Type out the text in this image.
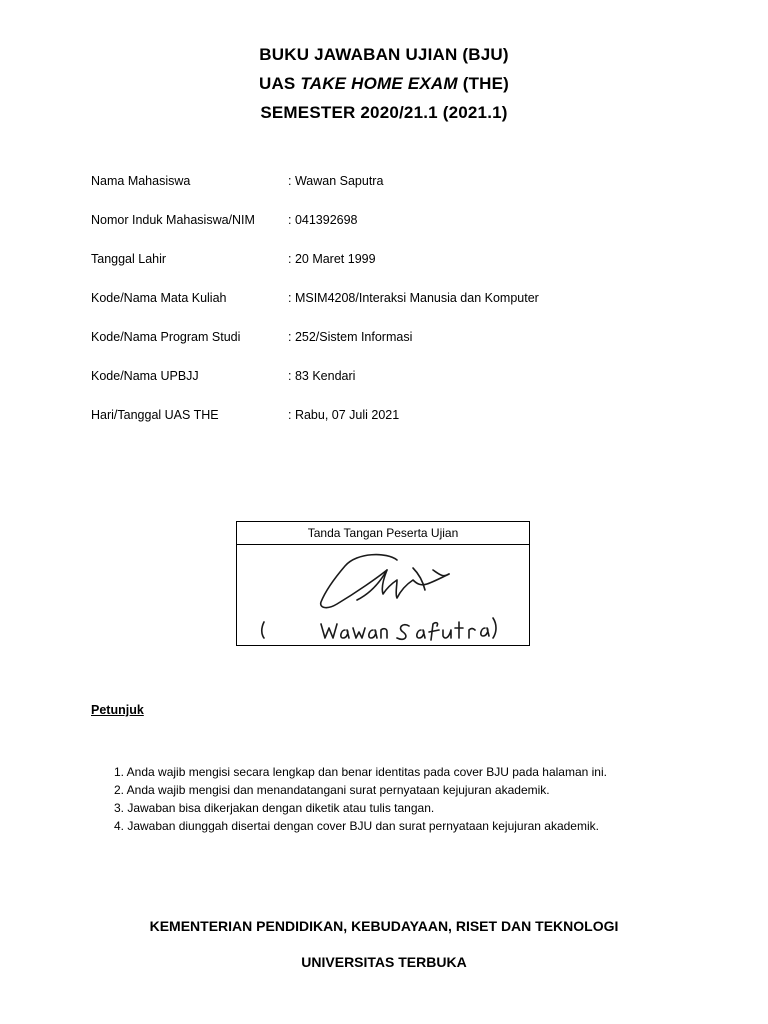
BUKU JAWABAN UJIAN (BJU)
UAS TAKE HOME EXAM (THE)
SEMESTER 2020/21.1 (2021.1)
Nama Mahasiswa	: Wawan Saputra
Nomor Induk Mahasiswa/NIM	: 041392698
Tanggal Lahir	: 20 Maret 1999
Kode/Nama Mata Kuliah	: MSIM4208/Interaksi Manusia dan Komputer
Kode/Nama Program Studi	: 252/Sistem Informasi
Kode/Nama UPBJJ	: 83 Kendari
Hari/Tanggal UAS THE	: Rabu, 07 Juli 2021
Tanda Tangan Peserta Ujian
Petunjuk
1. Anda wajib mengisi secara lengkap dan benar identitas pada cover BJU pada halaman ini.
2. Anda wajib mengisi dan menandatangani surat pernyataan kejujuran akademik.
3. Jawaban bisa dikerjakan dengan diketik atau tulis tangan.
4. Jawaban diunggah disertai dengan cover BJU dan surat pernyataan kejujuran akademik.
KEMENTERIAN PENDIDIKAN, KEBUDAYAAN, RISET DAN TEKNOLOGI
UNIVERSITAS TERBUKA
